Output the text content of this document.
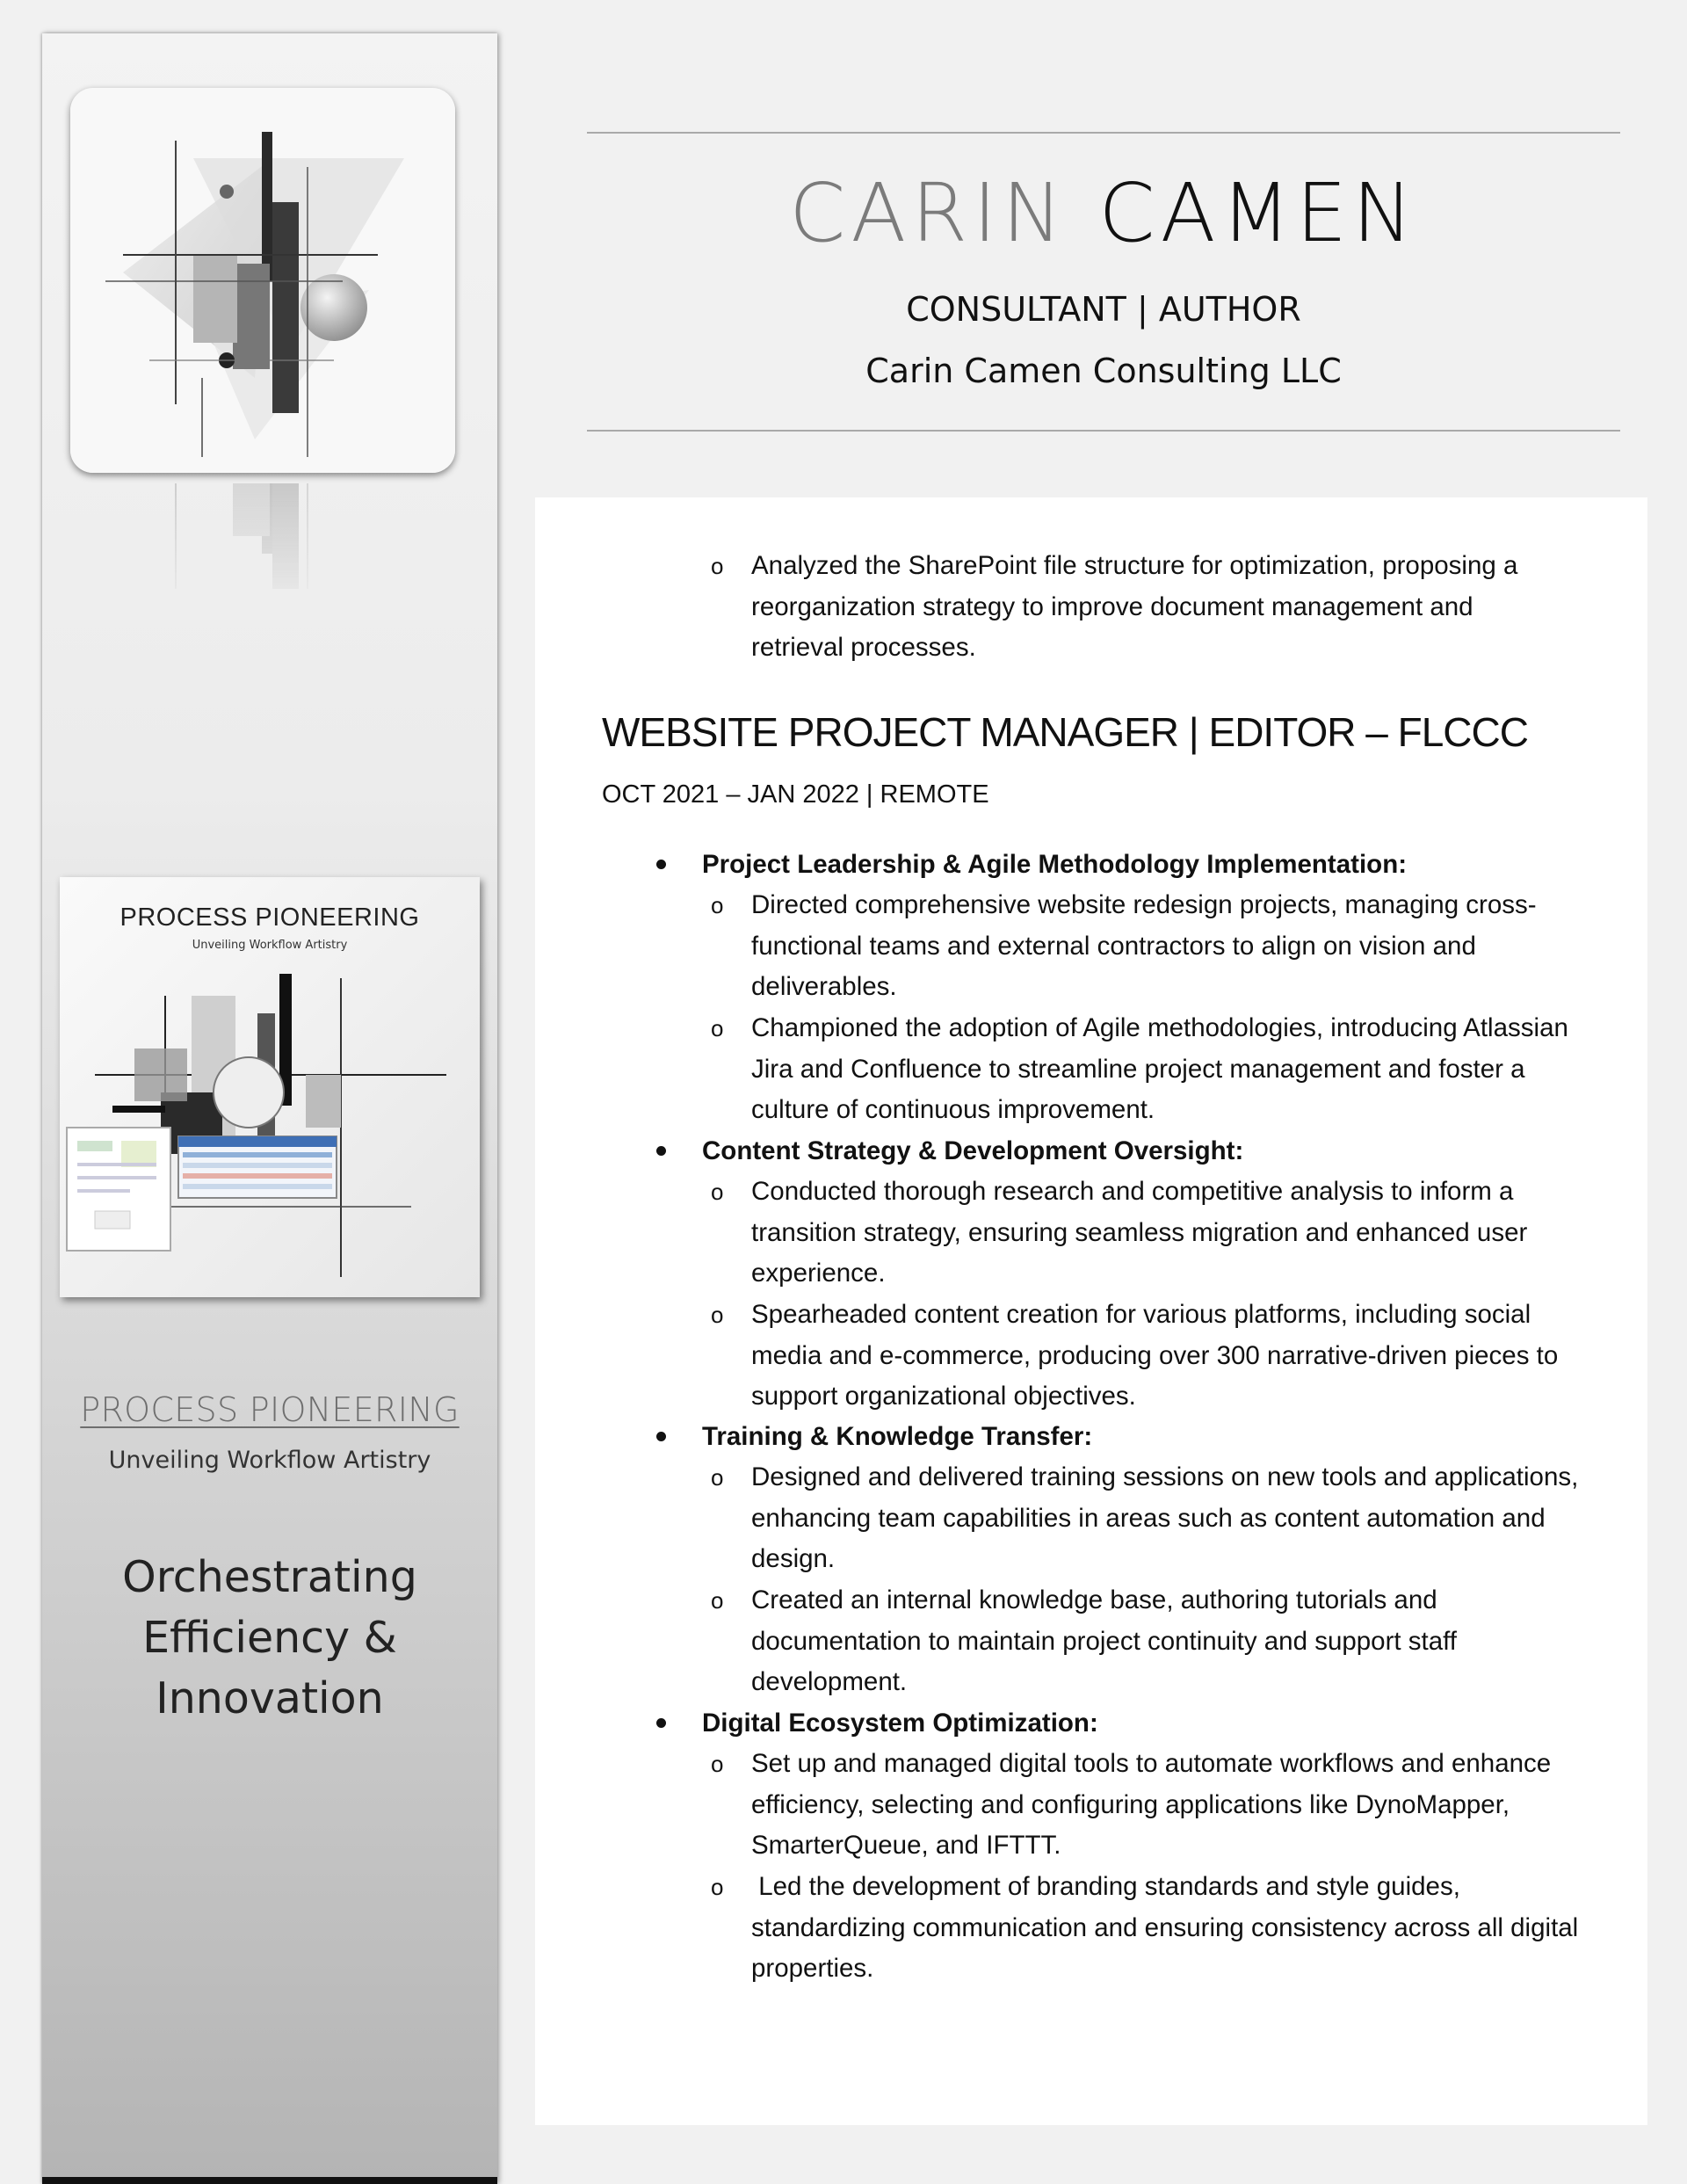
PROCESS PIONEERING
Unveiling Workflow Artistry
PROCESS PIONEERING
Unveiling Workflow Artistry
Orchestrating
Efficiency &
Innovation
CARIN CAMEN
CONSULTANT | AUTHOR
Carin Camen Consulting LLC
o Analyzed the SharePoint file structure for optimization, proposing a
reorganization strategy to improve document management and
retrieval processes.
WEBSITE PROJECT MANAGER | EDITOR – FLCCC
OCT 2021 – JAN 2022 | REMOTE
Project Leadership & Agile Methodology Implementation:
o Directed comprehensive website redesign projects, managing cross-
functional teams and external contractors to align on vision and
deliverables.
o Championed the adoption of Agile methodologies, introducing Atlassian
Jira and Confluence to streamline project management and foster a
culture of continuous improvement.
Content Strategy & Development Oversight:
o Conducted thorough research and competitive analysis to inform a
transition strategy, ensuring seamless migration and enhanced user
experience.
o Spearheaded content creation for various platforms, including social
media and e-commerce, producing over 300 narrative-driven pieces to
support organizational objectives.
Training & Knowledge Transfer:
o Designed and delivered training sessions on new tools and applications,
enhancing team capabilities in areas such as content automation and
design.
o Created an internal knowledge base, authoring tutorials and
documentation to maintain project continuity and support staff
development.
Digital Ecosystem Optimization:
o Set up and managed digital tools to automate workflows and enhance
efficiency, selecting and configuring applications like DynoMapper,
SmarterQueue, and IFTTT.
o Led the development of branding standards and style guides,
standardizing communication and ensuring consistency across all digital
properties.
